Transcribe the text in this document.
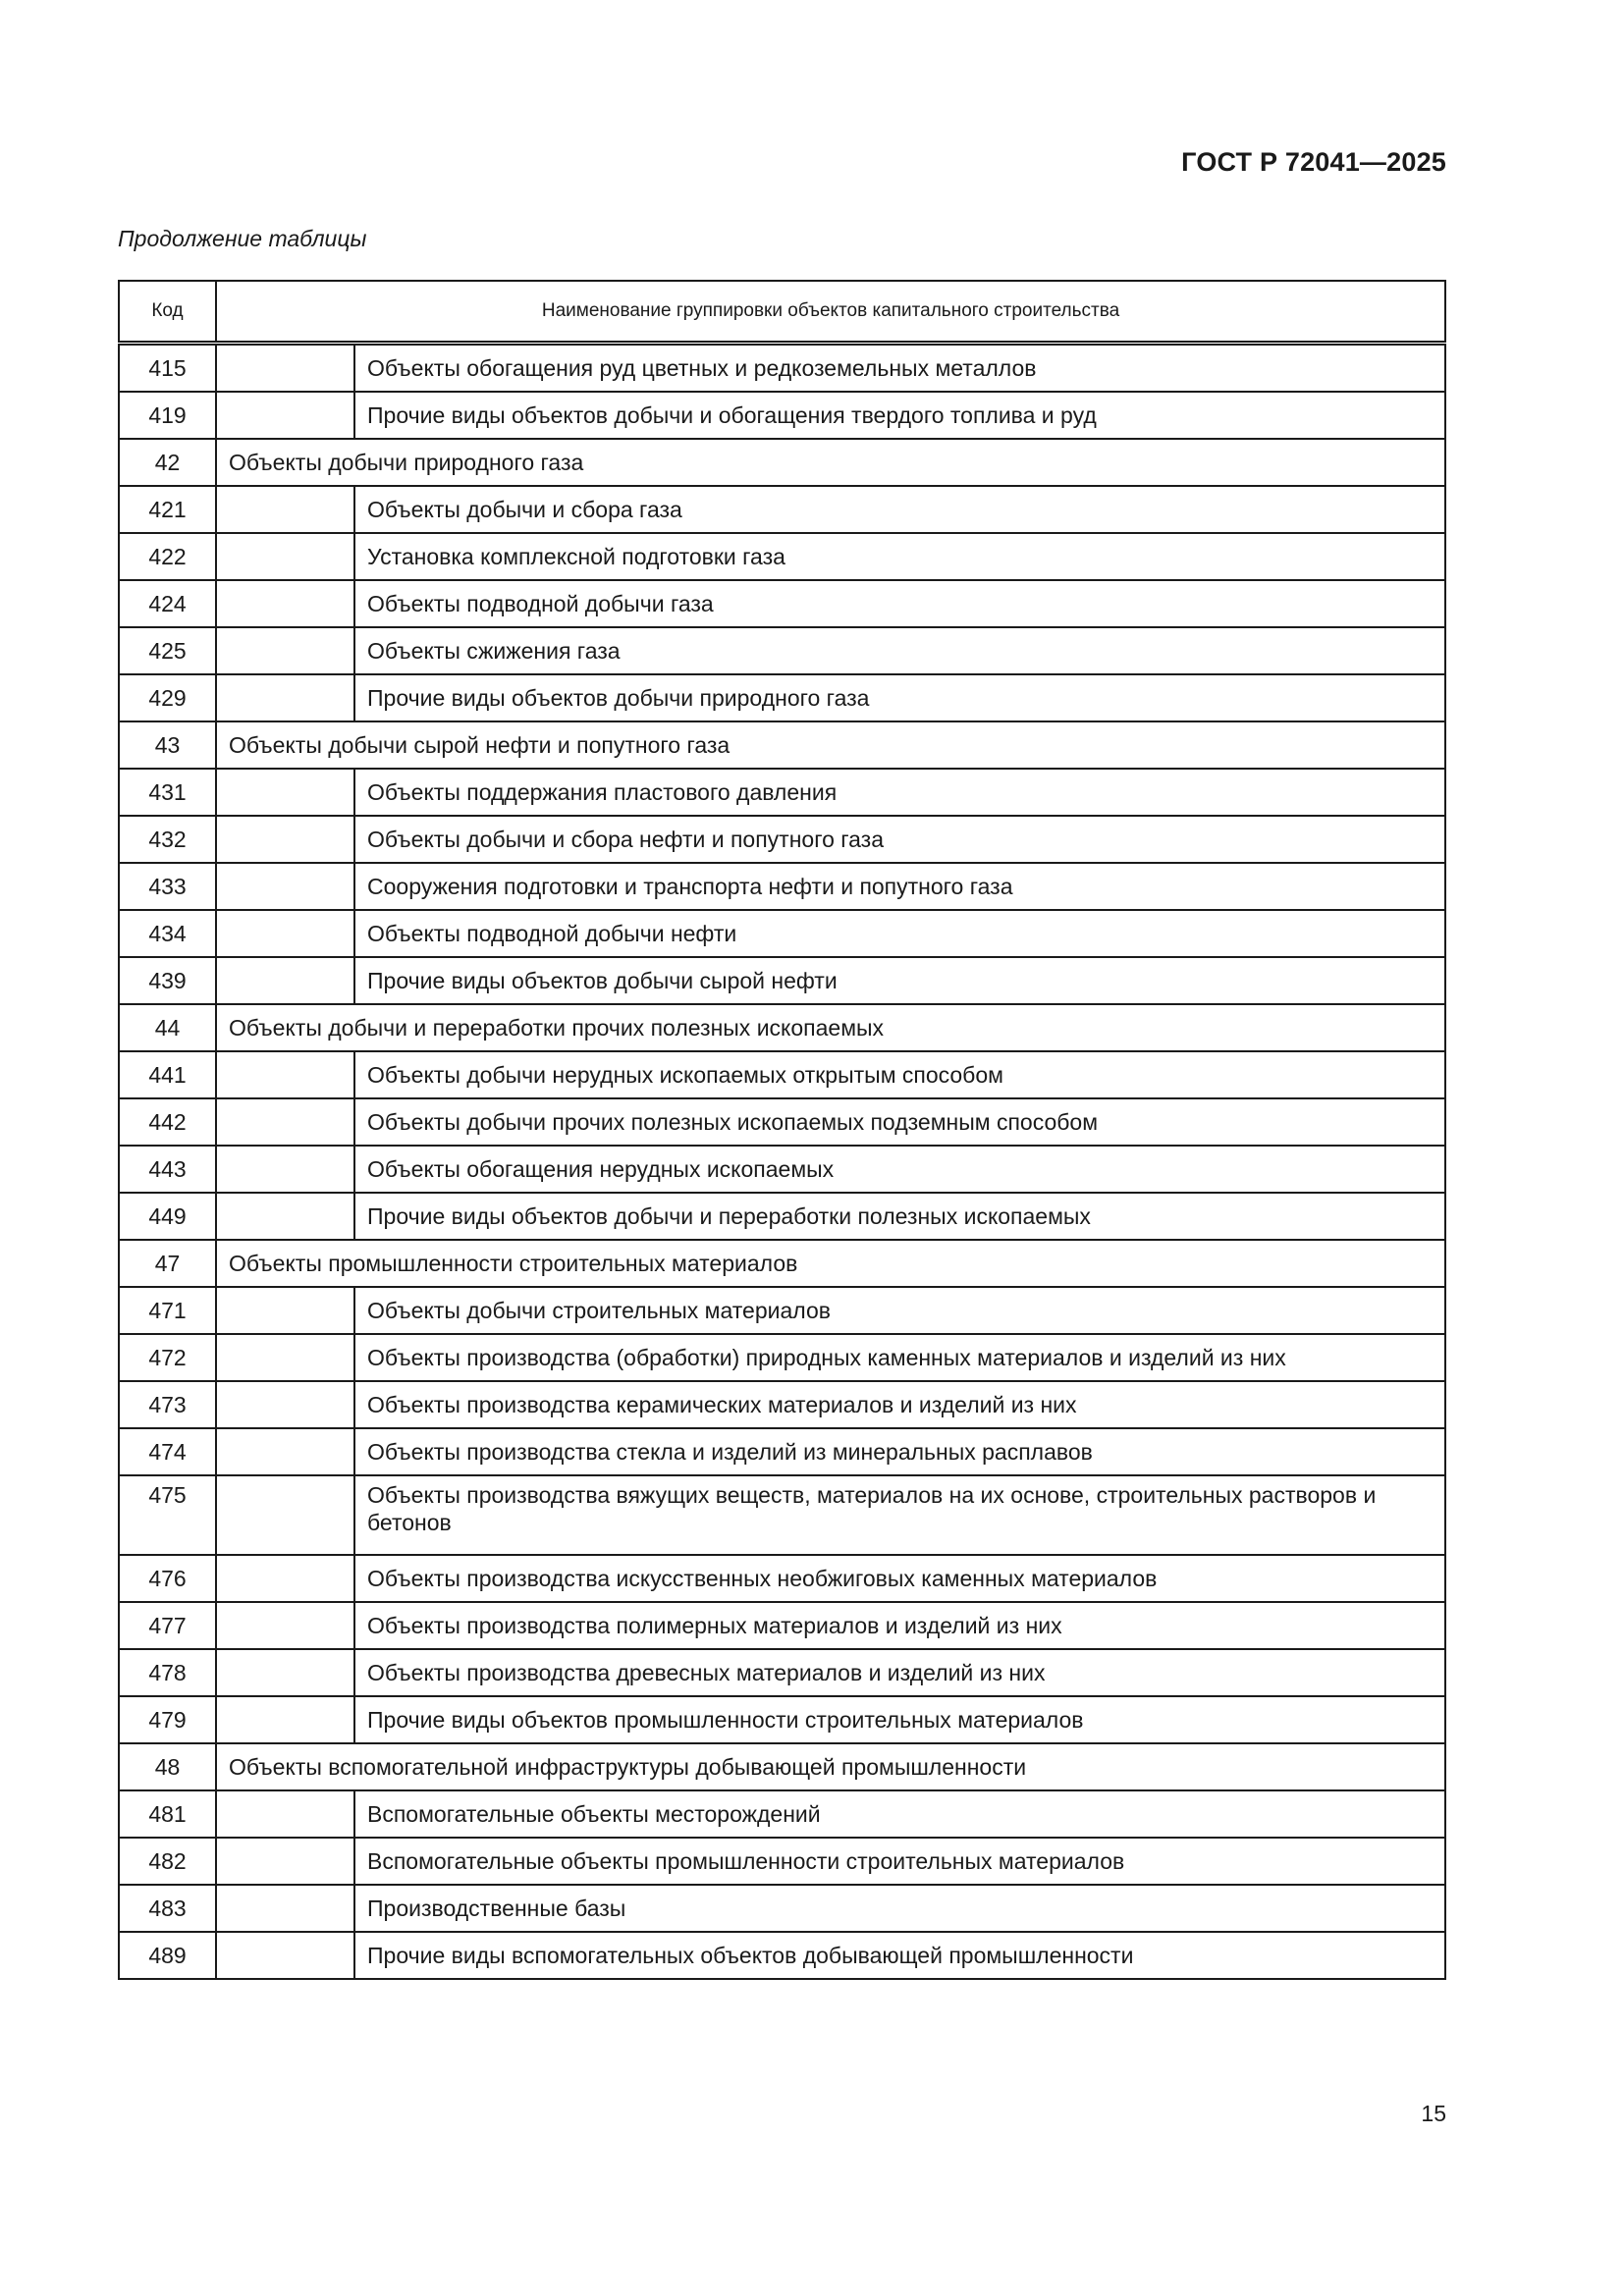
ГОСТ Р 72041—2025
Продолжение таблицы
Код	Наименование группировки объектов капитального строительства	
415		Объекты обогащения руд цветных и редкоземельных металлов
419		Прочие виды объектов добычи и обогащения твердого топлива и руд
42	Объекты добычи природного газа	
421		Объекты добычи и сбора газа
422		Установка комплексной подготовки газа
424		Объекты подводной добычи газа
425		Объекты сжижения газа
429		Прочие виды объектов добычи природного газа
43	Объекты добычи сырой нефти и попутного газа	
431		Объекты поддержания пластового давления
432		Объекты добычи и сбора нефти и попутного газа
433		Сооружения подготовки и транспорта нефти и попутного газа
434		Объекты подводной добычи нефти
439		Прочие виды объектов добычи сырой нефти
44	Объекты добычи и переработки прочих полезных ископаемых	
441		Объекты добычи нерудных ископаемых открытым способом
442		Объекты добычи прочих полезных ископаемых подземным способом
443		Объекты обогащения нерудных ископаемых
449		Прочие виды объектов добычи и переработки полезных ископаемых
47	Объекты промышленности строительных материалов	
471		Объекты добычи строительных материалов
472		Объекты производства (обработки) природных каменных материалов и изделий из них
473		Объекты производства керамических материалов и изделий из них
474		Объекты производства стекла и изделий из минеральных расплавов
475		Объекты производства вяжущих веществ, материалов на их основе, строительных растворов и бетонов
476		Объекты производства искусственных необжиговых каменных материалов
477		Объекты производства полимерных материалов и изделий из них
478		Объекты производства древесных материалов и изделий из них
479		Прочие виды объектов промышленности строительных материалов
48	Объекты вспомогательной инфраструктуры добывающей промышленности	
481		Вспомогательные объекты месторождений
482		Вспомогательные объекты промышленности строительных материалов
483		Производственные базы
489		Прочие виды вспомогательных объектов добывающей промышленности
15
